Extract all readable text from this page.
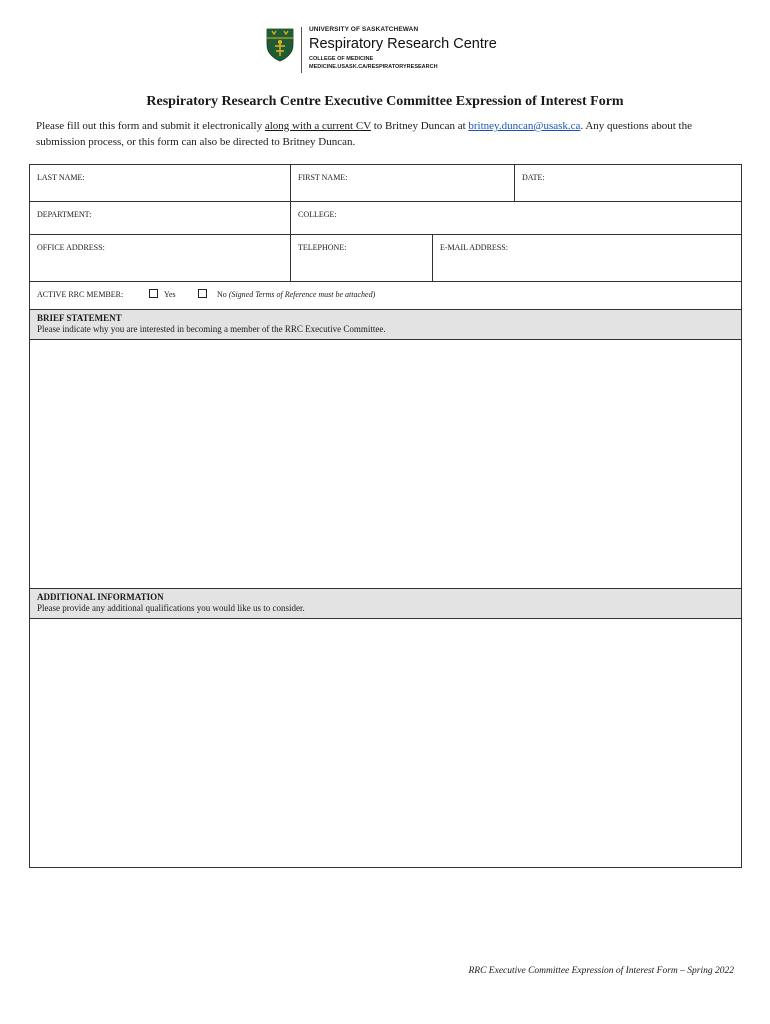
UNIVERSITY OF SASKATCHEWAN
Respiratory Research Centre
COLLEGE OF MEDICINE
MEDICINE.USASK.CA/RESPIRATORYRESEARCH
Respiratory Research Centre Executive Committee Expression of Interest Form
Please fill out this form and submit it electronically along with a current CV to Britney Duncan at britney.duncan@usask.ca. Any questions about the submission process, or this form can also be directed to Britney Duncan.
LAST NAME:	FIRST NAME:	DATE:
DEPARTMENT:	COLLEGE:
OFFICE ADDRESS:	TELEPHONE:	E-MAIL ADDRESS:
ACTIVE RRC MEMBER:	Yes	No (Signed Terms of Reference must be attached)
BRIEF STATEMENT
Please indicate why you are interested in becoming a member of the RRC Executive Committee.
ADDITIONAL INFORMATION
Please provide any additional qualifications you would like us to consider.
RRC Executive Committee Expression of Interest Form – Spring 2022
